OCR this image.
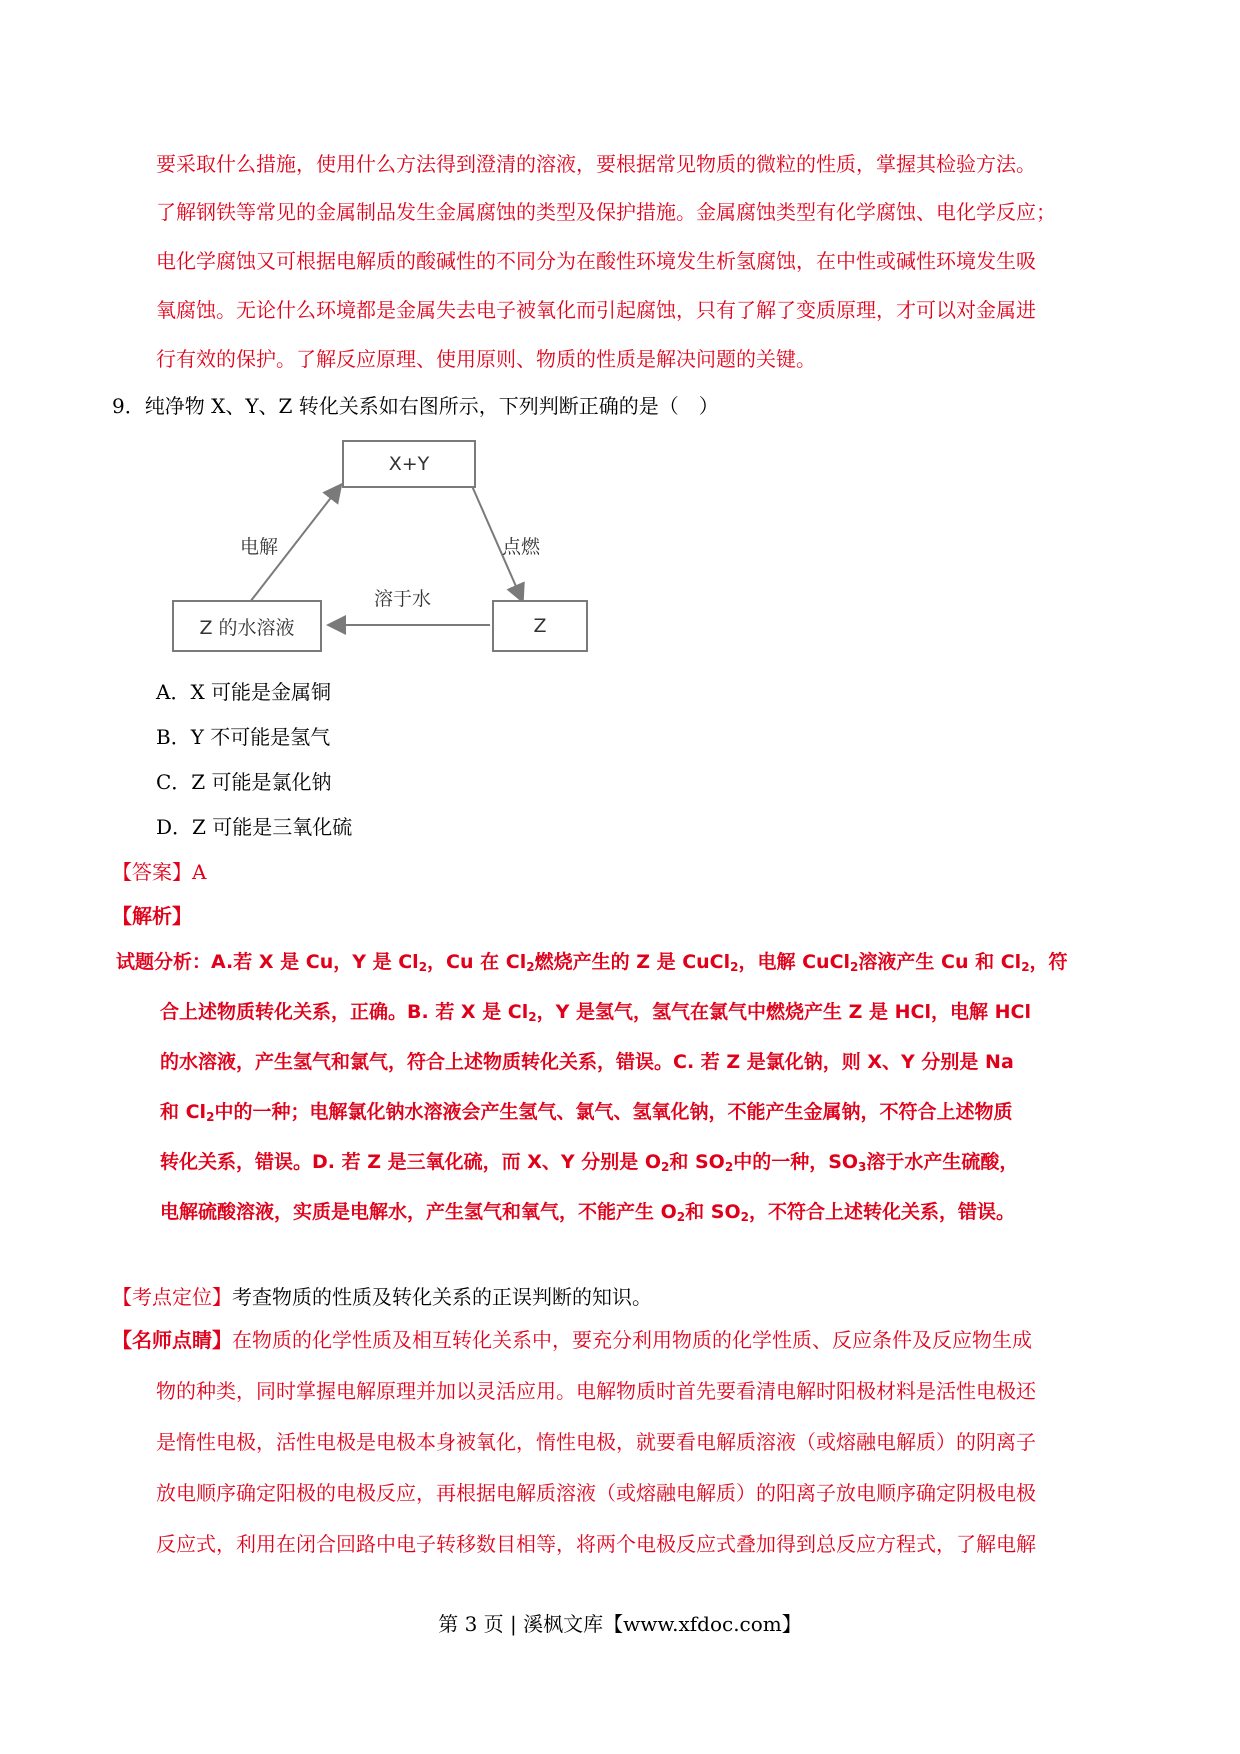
要采取什么措施，使用什么方法得到澄清的溶液，要根据常见物质的微粒的性质，掌握其检验方法。
了解钢铁等常见的金属制品发生金属腐蚀的类型及保护措施。金属腐蚀类型有化学腐蚀、电化学反应；
电化学腐蚀又可根据电解质的酸碱性的不同分为在酸性环境发生析氢腐蚀，在中性或碱性环境发生吸
氧腐蚀。无论什么环境都是金属失去电子被氧化而引起腐蚀，只有了解了变质原理，才可以对金属进
行有效的保护。了解反应原理、使用原则、物质的性质是解决问题的关键。
9．纯净物 X、Y、Z 转化关系如右图所示，下列判断正确的是（　）
X+Y
Z 的水溶液	Z
电解	点燃
溶于水
A．X 可能是金属铜
B．Y 不可能是氢气
C．Z 可能是氯化钠
D．Z 可能是三氧化硫
【答案】A
【解析】
试题分析：A.若 X 是 Cu，Y 是 $Cl_2$，Cu 在 $Cl_2$燃烧产生的 Z 是 CuCl$_2$，电解 CuCl$_2$溶液产生 Cu 和 $Cl_2$，符
合上述物质转化关系，正确。B. 若 X 是 $Cl_2$，Y 是氢气，氢气在氯气中燃烧产生 Z 是 HCl，电解 HCl
的水溶液，产生氢气和氯气，符合上述物质转化关系，错误。C. 若 Z 是氯化钠，则 X、Y 分别是 Na
和 $Cl_2$中的一种；电解氯化钠水溶液会产生氢气、氯气、氢氧化钠，不能产生金属钠，不符合上述物质
转化关系，错误。D. 若 Z 是三氧化硫，而 X、Y 分别是 $O_2$和 $SO_2$中的一种，$SO_3$溶于水产生硫酸，
电解硫酸溶液，实质是电解水，产生氢气和氧气，不能产生 $O_2$和 $SO_2$，不符合上述转化关系，错误。
【考点定位】考查物质的性质及转化关系的正误判断的知识。
【名师点睛】在物质的化学性质及相互转化关系中，要充分利用物质的化学性质、反应条件及反应物生成
物的种类，同时掌握电解原理并加以灵活应用。电解物质时首先要看清电解时阳极材料是活性电极还
是惰性电极，活性电极是电极本身被氧化，惰性电极，就要看电解质溶液（或熔融电解质）的阴离子
放电顺序确定阳极的电极反应，再根据电解质溶液（或熔融电解质）的阳离子放电顺序确定阴极电极
反应式，利用在闭合回路中电子转移数目相等，将两个电极反应式叠加得到总反应方程式，了解电解
第 3 页 | 溪枫文库【www.xfdoc.com】
